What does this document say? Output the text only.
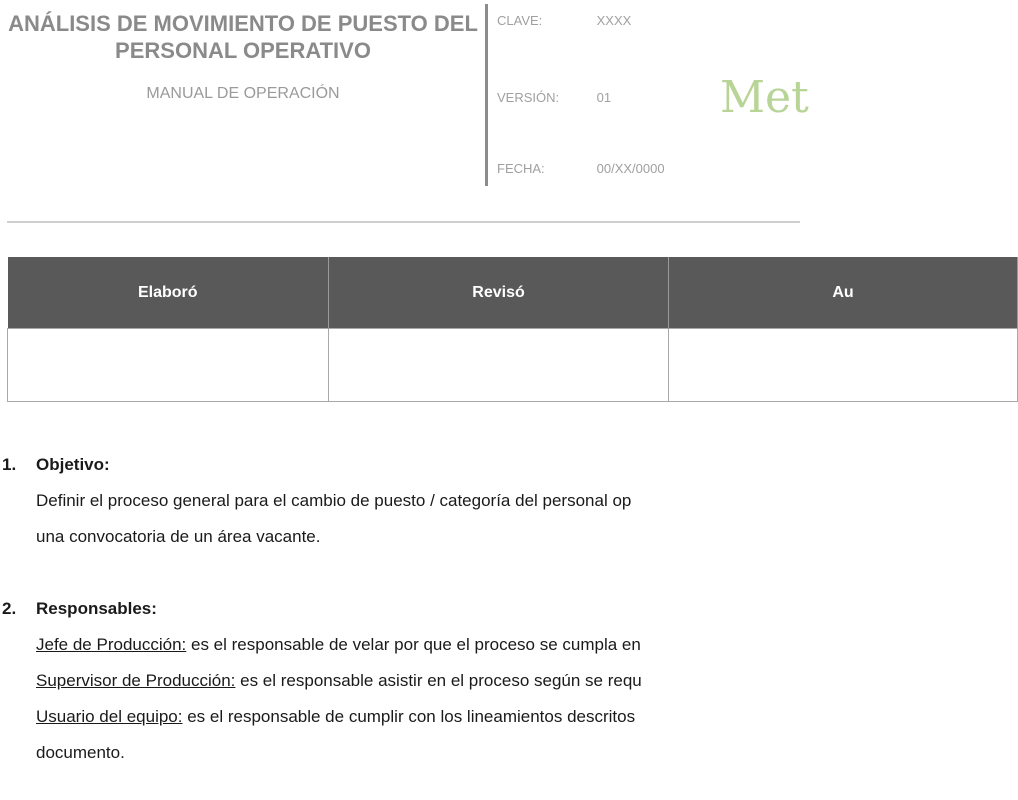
ANÁLISIS DE MOVIMIENTO DE PUESTO DEL PERSONAL OPERATIVO
MANUAL DE OPERACIÓN
CLAVE:	XXXX
VERSIÓN:	01
FECHA:	00/XX/0000
Met
Elaboró	Revisó	Au

1. Objetivo:
Definir el proceso general para el cambio de puesto / categoría del personal op
una convocatoria de un área vacante.
2. Responsables:
Jefe de Producción: es el responsable de velar por que el proceso se cumpla en
Supervisor de Producción: es el responsable asistir en el proceso según se requ
Usuario del equipo: es el responsable de cumplir con los lineamientos descritos
documento.
